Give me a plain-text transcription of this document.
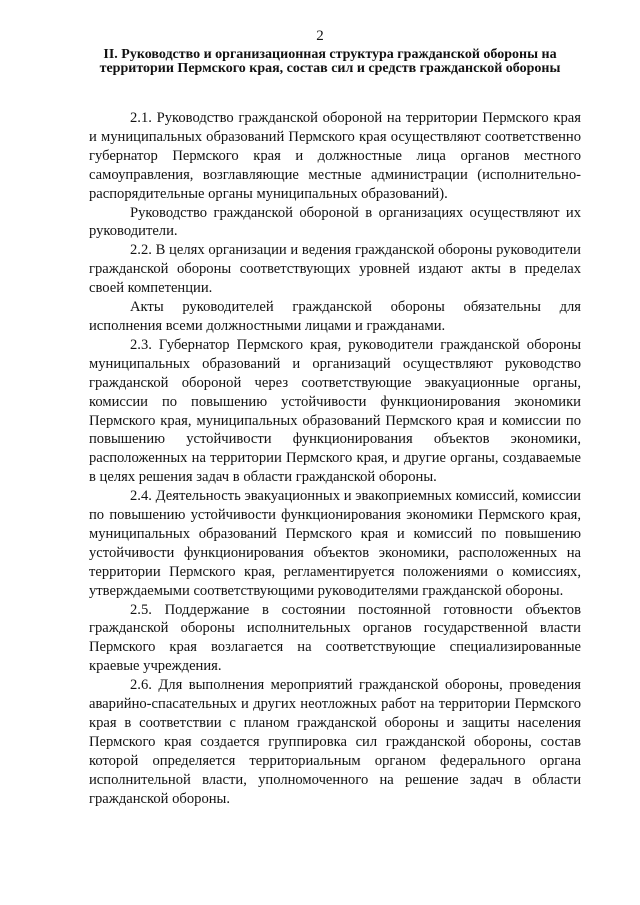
2
II. Руководство и организационная структура гражданской обороны на территории Пермского края, состав сил и средств гражданской обороны

2.1. Руководство гражданской обороной на территории Пермского края и муниципальных образований Пермского края осуществляют соответственно губернатор Пермского края и должностные лица органов местного самоуправления, возглавляющие местные администрации (исполнительно-распорядительные органы муниципальных образований).

Руководство гражданской обороной в организациях осуществляют их руководители.

2.2. В целях организации и ведения гражданской обороны руководители гражданской обороны соответствующих уровней издают акты в пределах своей компетенции.

Акты руководителей гражданской обороны обязательны для исполнения всеми должностными лицами и гражданами.

2.3. Губернатор Пермского края, руководители гражданской обороны муниципальных образований и организаций осуществляют руководство гражданской обороной через соответствующие эвакуационные органы, комиссии по повышению устойчивости функционирования экономики Пермского края, муниципальных образований Пермского края и комиссии по повышению устойчивости функционирования объектов экономики, расположенных на территории Пермского края, и другие органы, создаваемые в целях решения задач в области гражданской обороны.

2.4. Деятельность эвакуационных и эвакоприемных комиссий, комиссии по повышению устойчивости функционирования экономики Пермского края, муниципальных образований Пермского края и комиссий по повышению устойчивости функционирования объектов экономики, расположенных на территории Пермского края, регламентируется положениями о комиссиях, утверждаемыми соответствующими руководителями гражданской обороны.

2.5. Поддержание в состоянии постоянной готовности объектов гражданской обороны исполнительных органов государственной власти Пермского края возлагается на соответствующие специализированные краевые учреждения.

2.6. Для выполнения мероприятий гражданской обороны, проведения аварийно-спасательных и других неотложных работ на территории Пермского края в соответствии с планом гражданской обороны и защиты населения Пермского края создается группировка сил гражданской обороны, состав которой определяется территориальным органом федерального органа исполнительной власти, уполномоченного на решение задач в области гражданской обороны.
